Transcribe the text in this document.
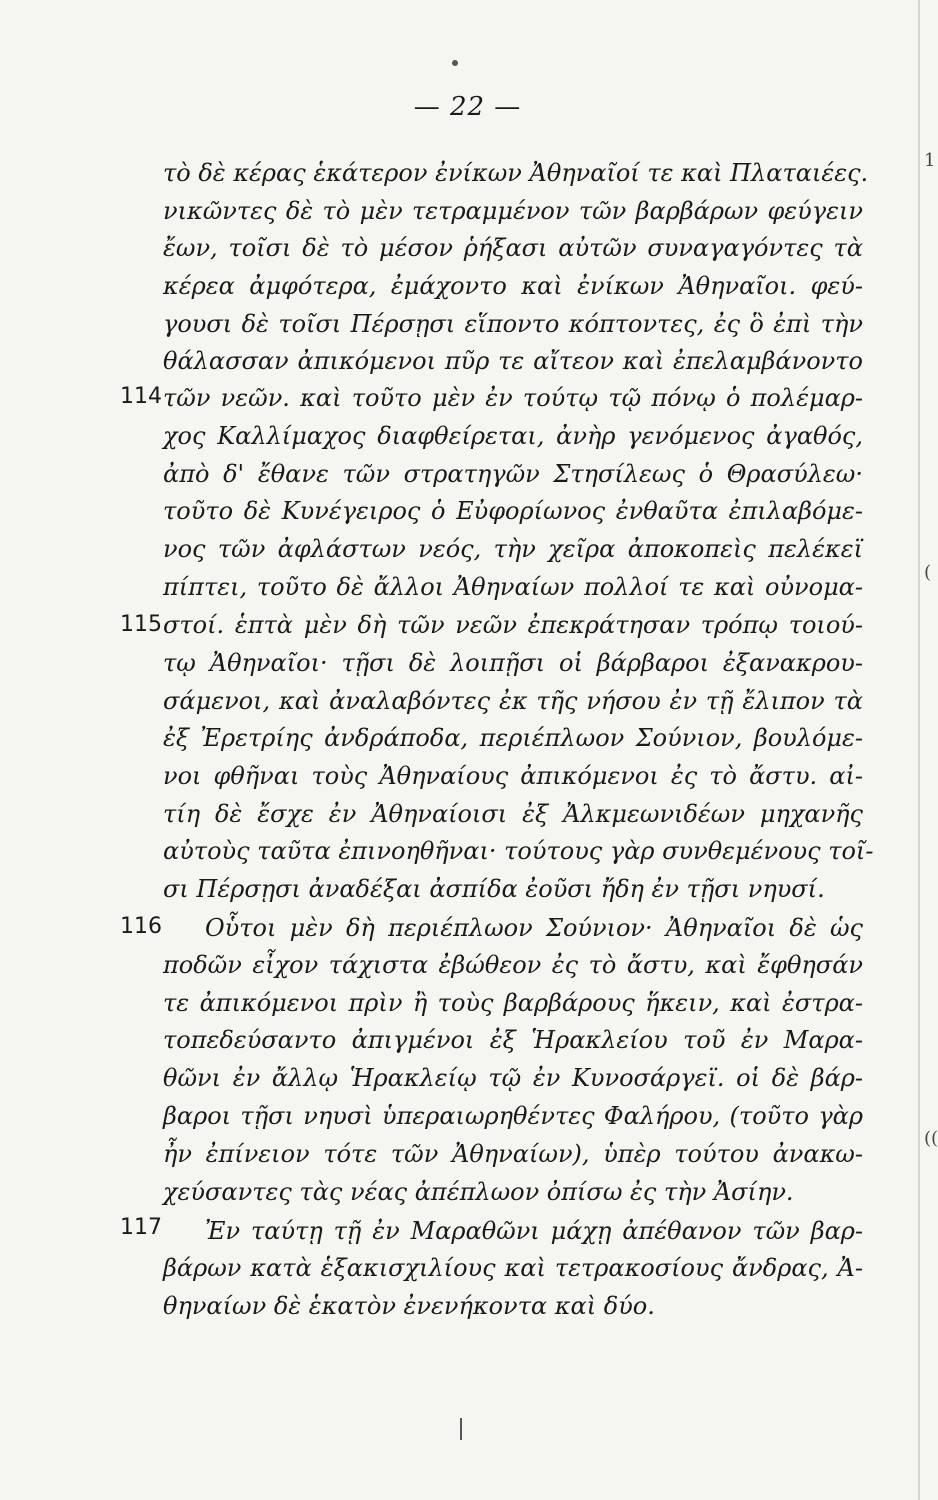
1
(
((
— 22 —
114
115
116
117
τὸ δὲ κέρας ἑκάτερον ἐνίκων Ἀθηναῖοί τε καὶ Πλαταιέες.
νικῶντες δὲ τὸ μὲν τετραμμένον τῶν βαρβάρων φεύγειν
ἔων, τοῖσι δὲ τὸ μέσον ῥήξασι αὐτῶν συναγαγόντες τὰ
κέρεα ἀμφότερα, ἐμάχοντο καὶ ἐνίκων Ἀθηναῖοι. φεύ-
γουσι δὲ τοῖσι Πέρσῃσι εἵποντο κόπτοντες, ἐς ὃ ἐπὶ τὴν
θάλασσαν ἀπικόμενοι πῦρ τε αἴτεον καὶ ἐπελαμβάνοντο
τῶν νεῶν. καὶ τοῦτο μὲν ἐν τούτῳ τῷ πόνῳ ὁ πολέμαρ-
χος Καλλίμαχος διαφθείρεται, ἀνὴρ γενόμενος ἀγαθός,
ἀπὸ δ' ἔθανε τῶν στρατηγῶν Στησίλεως ὁ Θρασύλεω·
τοῦτο δὲ Κυνέγειρος ὁ Εὐφορίωνος ἐνθαῦτα ἐπιλαβόμε-
νος τῶν ἀφλάστων νεός, τὴν χεῖρα ἀποκοπεὶς πελέκεϊ
πίπτει, τοῦτο δὲ ἄλλοι Ἀθηναίων πολλοί τε καὶ οὐνομα-
στοί. ἑπτὰ μὲν δὴ τῶν νεῶν ἐπεκράτησαν τρόπῳ τοιού-
τῳ Ἀθηναῖοι· τῇσι δὲ λοιπῇσι οἱ βάρβαροι ἐξανακρου-
σάμενοι, καὶ ἀναλαβόντες ἐκ τῆς νήσου ἐν τῇ ἔλιπον τὰ
ἐξ Ἐρετρίης ἀνδράποδα, περιέπλωον Σούνιον, βουλόμε-
νοι φθῆναι τοὺς Ἀθηναίους ἀπικόμενοι ἐς τὸ ἄστυ. αἰ-
τίη δὲ ἔσχε ἐν Ἀθηναίοισι ἐξ Ἀλκμεωνιδέων μηχανῆς
αὐτοὺς ταῦτα ἐπινοηθῆναι· τούτους γὰρ συνθεμένους τοῖ-
σι Πέρσῃσι ἀναδέξαι ἀσπίδα ἐοῦσι ἤδη ἐν τῇσι νηυσί.
Οὗτοι μὲν δὴ περιέπλωον Σούνιον· Ἀθηναῖοι δὲ ὡς
ποδῶν εἶχον τάχιστα ἐβώθεον ἐς τὸ ἄστυ, καὶ ἔφθησάν
τε ἀπικόμενοι πρὶν ἢ τοὺς βαρβάρους ἥκειν, καὶ ἐστρα-
τοπεδεύσαντο ἀπιγμένοι ἐξ Ἡρακλείου τοῦ ἐν Μαρα-
θῶνι ἐν ἄλλῳ Ἡρακλείῳ τῷ ἐν Κυνοσάργεϊ. οἱ δὲ βάρ-
βαροι τῇσι νηυσὶ ὑπεραιωρηθέντες Φαλήρου, (τοῦτο γὰρ
ἦν ἐπίνειον τότε τῶν Ἀθηναίων), ὑπὲρ τούτου ἀνακω-
χεύσαντες τὰς νέας ἀπέπλωον ὀπίσω ἐς τὴν Ἀσίην.
Ἐν ταύτῃ τῇ ἐν Μαραθῶνι μάχῃ ἀπέθανον τῶν βαρ-
βάρων κατὰ ἑξακισχιλίους καὶ τετρακοσίους ἄνδρας, Ἀ-
θηναίων δὲ ἑκατὸν ἐνενήκοντα καὶ δύο.
